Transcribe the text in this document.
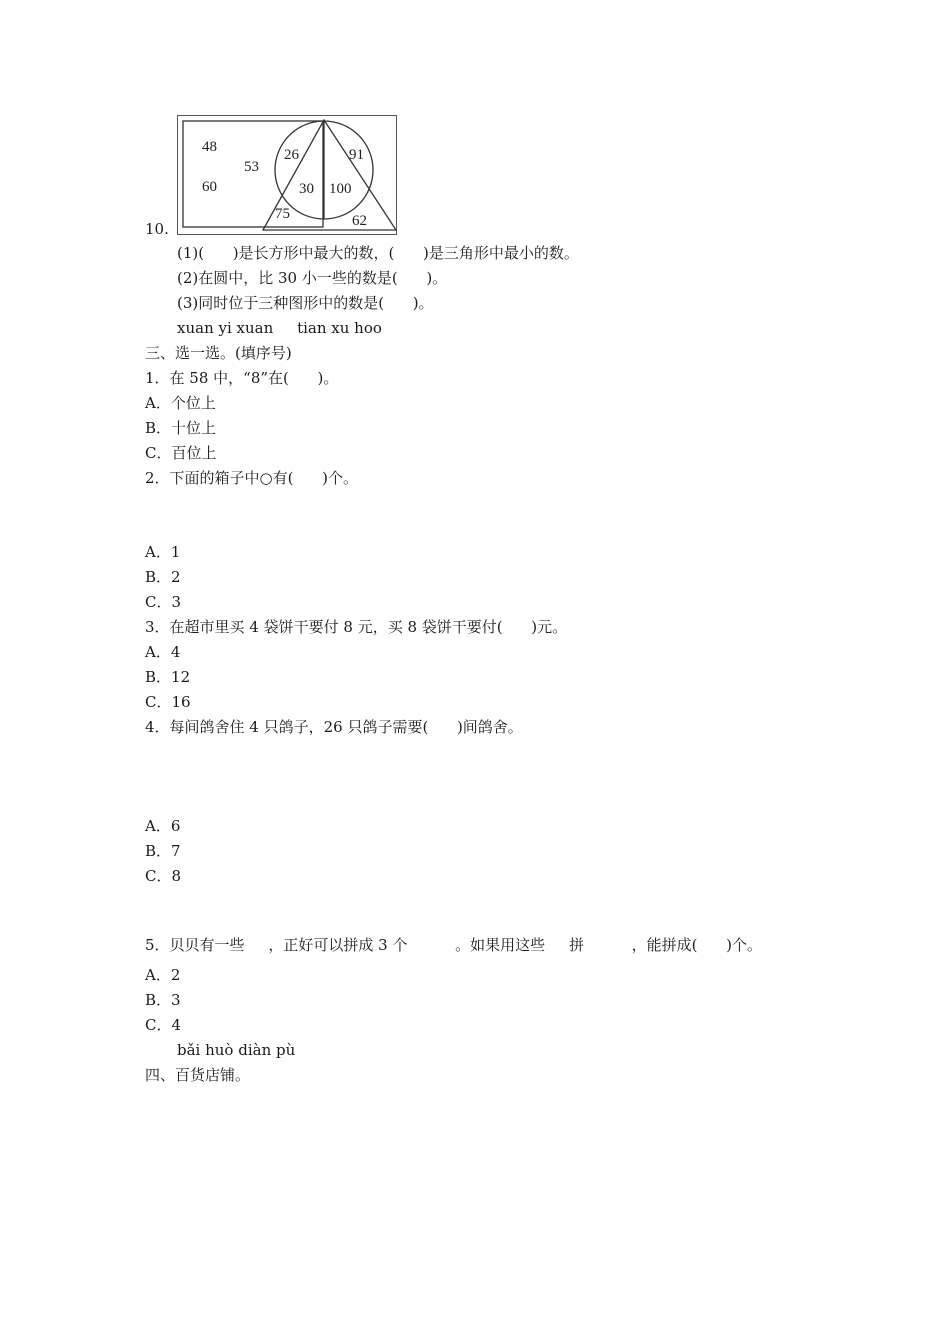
10.
48
53
60
26	91
30 100
75	62
(1)(      )是长方形中最大的数，(      )是三角形中最小的数。
(2)在圆中，比 30 小一些的数是(      )。
(3)同时位于三种图形中的数是(      )。
xuan yi xuan     tian xu hoo
三、选一选。(填序号)
1．在 58 中，“8”在(      )。
A．个位上
B．十位上
C．百位上
2．下面的箱子中○有(      )个。
A．1
B．2
C．3
3．在超市里买 4 袋饼干要付 8 元，买 8 袋饼干要付(      )元。
A．4
B．12
C．16
4．每间鸽舍住 4 只鸽子，26 只鸽子需要(      )间鸽舍。
A．6
B．7
C．8
5．贝贝有一些     ，正好可以拼成 3 个          。如果用这些     拼          ，能拼成(      )个。
A．2
B．3
C．4
bǎi huò diàn pù
四、百货店铺。
